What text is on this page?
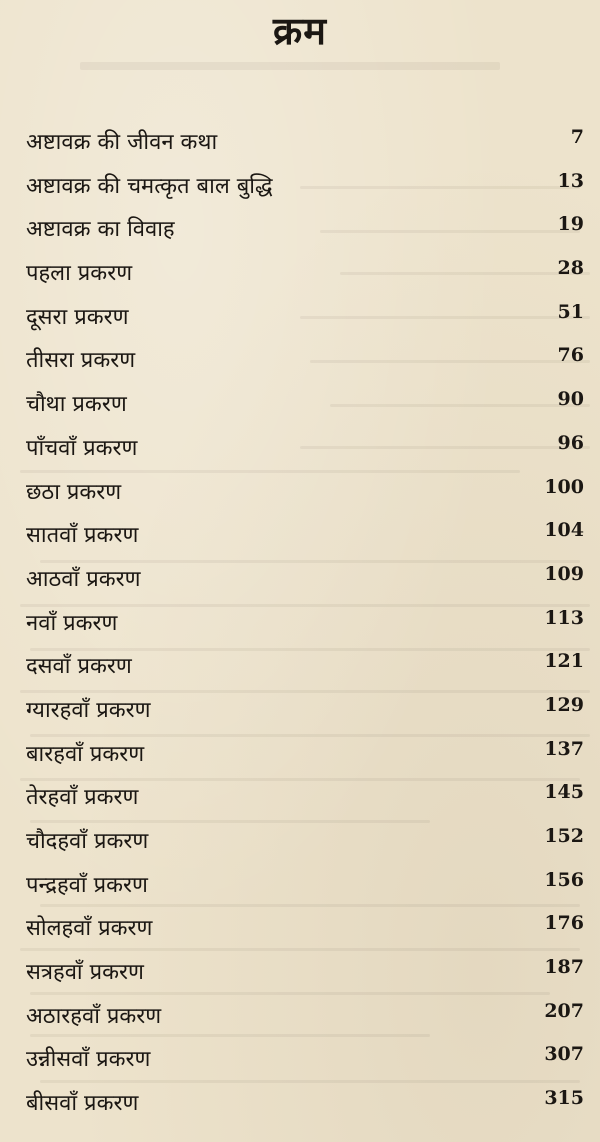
क्रम
अष्टावक्र की जीवन कथा	7
अष्टावक्र की चमत्कृत बाल बुद्धि	13
अष्टावक्र का विवाह	19
पहला प्रकरण	28
दूसरा प्रकरण	51
तीसरा प्रकरण	76
चौथा प्रकरण	90
पाँचवाँ प्रकरण	96
छठा प्रकरण	100
सातवाँ प्रकरण	104
आठवाँ प्रकरण	109
नवाँ प्रकरण	113
दसवाँ प्रकरण	121
ग्यारहवाँ प्रकरण	129
बारहवाँ प्रकरण	137
तेरहवाँ प्रकरण	145
चौदहवाँ प्रकरण	152
पन्द्रहवाँ प्रकरण	156
सोलहवाँ प्रकरण	176
सत्रहवाँ प्रकरण	187
अठारहवाँ प्रकरण	207
उन्नीसवाँ प्रकरण	307
बीसवाँ प्रकरण	315
